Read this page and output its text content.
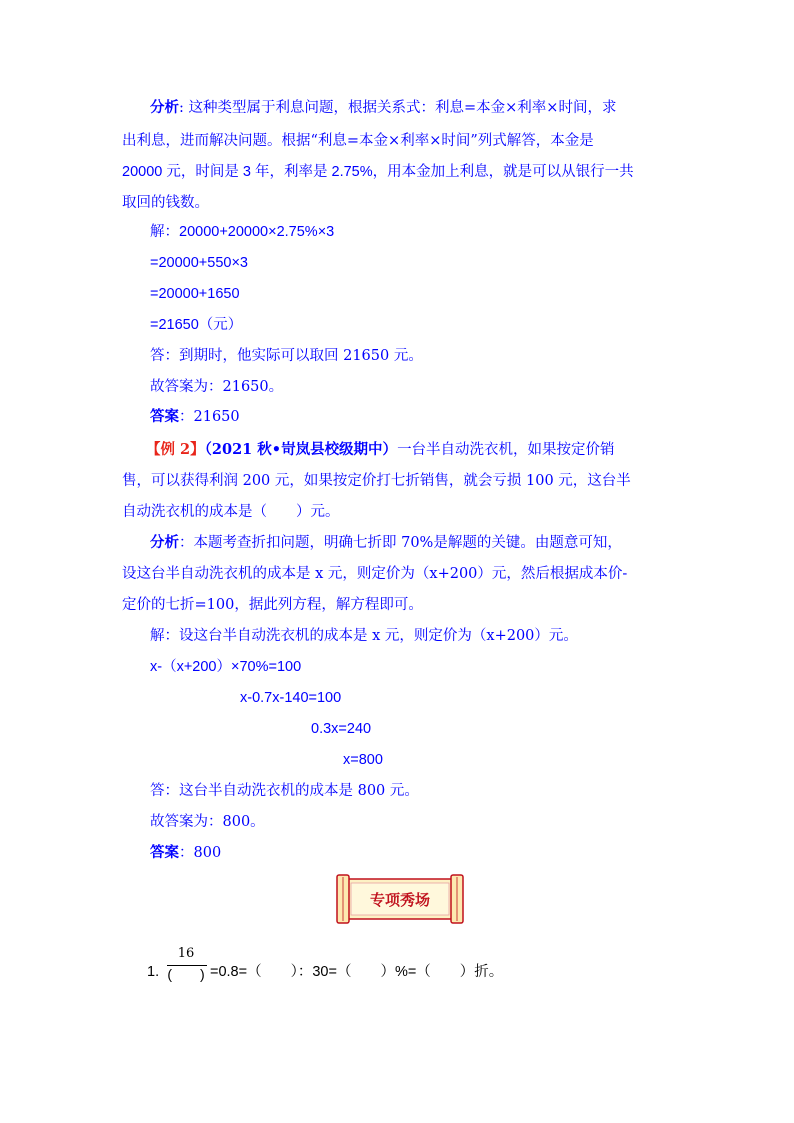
分析: 这种类型属于利息问题，根据关系式：利息=本金×利率×时间，求
出利息，进而解决问题。根据“利息=本金×利率×时间”列式解答，本金是
20000 元，时间是 3 年，利率是 2.75%，用本金加上利息，就是可以从银行一共
取回的钱数。
解：20000+20000×2.75%×3
=20000+550×3
=20000+1650
=21650（元）
答：到期时，他实际可以取回 21650 元。
故答案为：21650。
答案：21650
【例 2】（2021 秋•岢岚县校级期中）一台半自动洗衣机，如果按定价销
售，可以获得利润 200 元，如果按定价打七折销售，就会亏损 100 元，这台半
自动洗衣机的成本是（　　）元。
分析：本题考查折扣问题，明确七折即 70%是解题的关键。由题意可知，
设这台半自动洗衣机的成本是 x 元，则定价为（x+200）元，然后根据成本价-
定价的七折=100，据此列方程，解方程即可。
解：设这台半自动洗衣机的成本是 x 元，则定价为（x+200）元。
x-（x+200）×70%=100
x-0.7x-140=100
0.3x=240
x=800
答：这台半自动洗衣机的成本是 800 元。
故答案为：800。
答案：800
专项秀场
1.
16
(　　) =0.8=（　　）：30=（　　）%=（　　）折。
